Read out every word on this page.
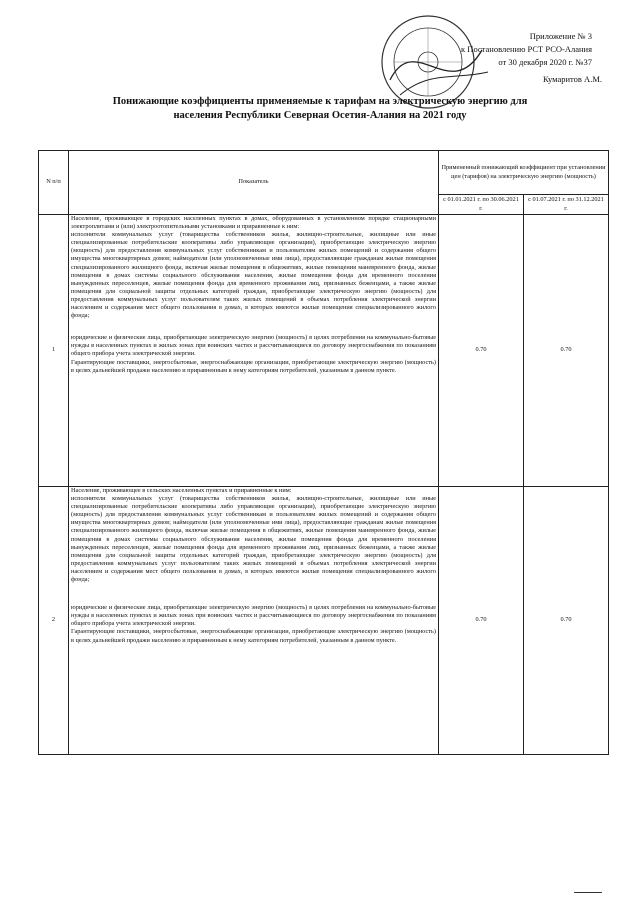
Приложение № 3
к Постановлению РСТ РСО-Алания
от 30 декабря 2020 г. №37
Кумаритов А.М.
Понижающие коэффициенты применяемые к тарифам на электрическую энергию для
населения Республики Северная Осетия-Алания на 2021 году
N п/п	Показатель	Примененный понижающий коэффициент при установлении цен (тарифов) на электрическую энергию (мощность)	
		с 01.01.2021 г. по 30.06.2021 г.	с 01.07.2021 г. по 31.12.2021 г.
1	Население, проживающее в городских населенных пунктах в домах, оборудованных в установленном порядке стационарными электроплитами и (или) электроотопительными установками и приравненные к ним:

исполнители коммунальных услуг (товарищества собственников жилья, жилищно-строительные, жилищные или иные специализированные потребительские кооперативы либо управляющие организации), приобретающие электрическую энергию (мощность) для предоставления коммунальных услуг собственникам и пользователям жилых помещений и содержания общего имущества многоквартирных домов; наймодатели (или уполномоченные ими лица), предоставляющие гражданам жилые помещения специализированного жилищного фонда, включая жилые помещения в общежитиях, жилые помещения маневренного фонда, жилые помещения в домах системы социального обслуживания населения, жилые помещения фонда для временного поселения вынужденных переселенцев, жилые помещения фонда для временного проживания лиц, признанных беженцами, а также жилые помещения для социальной защиты отдельных категорий граждан, приобретающие электрическую энергию (мощность) для предоставления коммунальных услуг пользователям таких жилых помещений в объемах потребления электрической энергии населением и содержания мест общего пользования в домах, в которых имеются жилые помещения специализированного жилого фонда;

юридические и физические лица, приобретающие электрическую энергию (мощность) в целях потребления на коммунально-бытовые нужды в населенных пунктах и жилых зонах при воинских частях и рассчитывающиеся по договору энергоснабжения по показаниям общего прибора учета электрической энергии.

Гарантирующие поставщики, энергосбытовые, энергоснабжающие организации, приобретающие электрическую энергию (мощность) в целях дальнейшей продажи населению и приравненным к нему категориям потребителей, указанным в данном пункте.	0.70	0.70
2	Население, проживающее в сельских населенных пунктах и приравненные к ним:

исполнители коммунальных услуг (товарищества собственников жилья, жилищно-строительные, жилищные или иные специализированные потребительские кооперативы либо управляющие организации), приобретающие электрическую энергию (мощность) для предоставления коммунальных услуг собственникам и пользователям жилых помещений и содержания общего имущества многоквартирных домов; наймодатели (или уполномоченные ими лица), предоставляющие гражданам жилые помещения специализированного жилищного фонда, включая жилые помещения в общежитиях, жилые помещения маневренного фонда, жилые помещения в домах системы социального обслуживания населения, жилые помещения фонда для временного поселения вынужденных переселенцев, жилые помещения фонда для временного проживания лиц, признанных беженцами, а также жилые помещения для социальной защиты отдельных категорий граждан, приобретающие электрическую энергию (мощность) для предоставления коммунальных услуг пользователям таких жилых помещений в объемах потребления электрической энергии населением и содержания мест общего пользования в домах, в которых имеются жилые помещения специализированного жилого фонда;

юридические и физические лица, приобретающие электрическую энергию (мощность) в целях потребления на коммунально-бытовые нужды в населенных пунктах и жилых зонах при воинских частях и рассчитывающиеся по договору энергоснабжения по показаниям общего прибора учета электрической энергии.

Гарантирующие поставщики, энергосбытовые, энергоснабжающие организации, приобретающие электрическую энергию (мощность) в целях дальнейшей продажи населению и приравненным к нему категориям потребителей, указанным в данном пункте.	0.70	0.70
